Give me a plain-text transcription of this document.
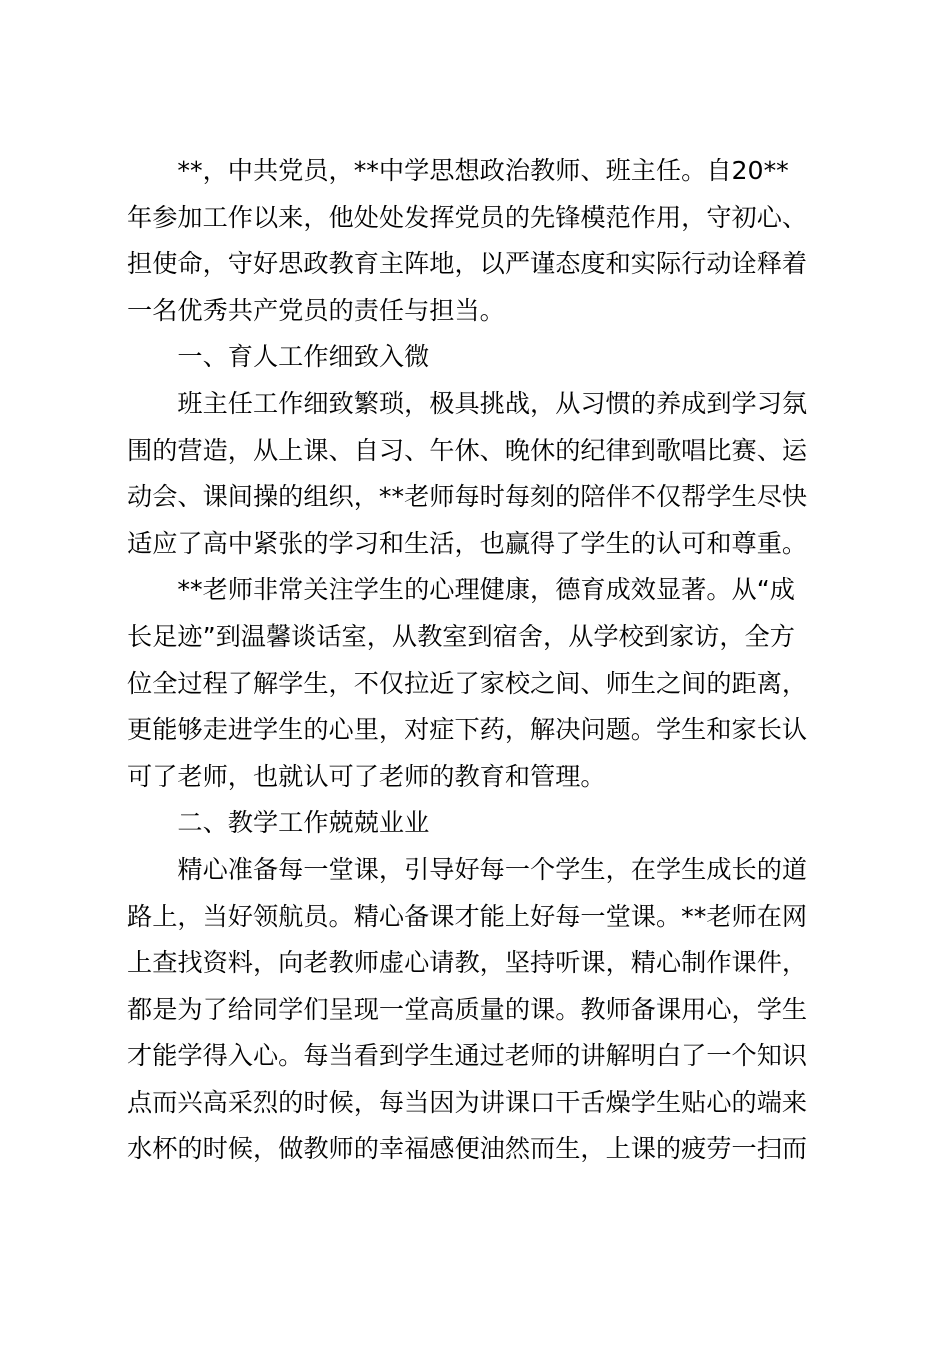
**，中共党员，**中学思想政治教师、班主任。自20**
年参加工作以来，他处处发挥党员的先锋模范作用，守初心、
担使命，守好思政教育主阵地，以严谨态度和实际行动诠释着
一名优秀共产党员的责任与担当。

一、育人工作细致入微

班主任工作细致繁琐，极具挑战，从习惯的养成到学习氛
围的营造，从上课、自习、午休、晚休的纪律到歌唱比赛、运
动会、课间操的组织，**老师每时每刻的陪伴不仅帮学生尽快
适应了高中紧张的学习和生活，也赢得了学生的认可和尊重。

**老师非常关注学生的心理健康，德育成效显著。从“成
长足迹”到温馨谈话室，从教室到宿舍，从学校到家访，全方
位全过程了解学生，不仅拉近了家校之间、师生之间的距离，
更能够走进学生的心里，对症下药，解决问题。学生和家长认
可了老师，也就认可了老师的教育和管理。

二、教学工作兢兢业业

精心准备每一堂课，引导好每一个学生，在学生成长的道
路上，当好领航员。精心备课才能上好每一堂课。**老师在网
上查找资料，向老教师虚心请教，坚持听课，精心制作课件，
都是为了给同学们呈现一堂高质量的课。教师备课用心，学生
才能学得入心。每当看到学生通过老师的讲解明白了一个知识
点而兴高采烈的时候，每当因为讲课口干舌燥学生贴心的端来
水杯的时候，做教师的幸福感便油然而生，上课的疲劳一扫而
